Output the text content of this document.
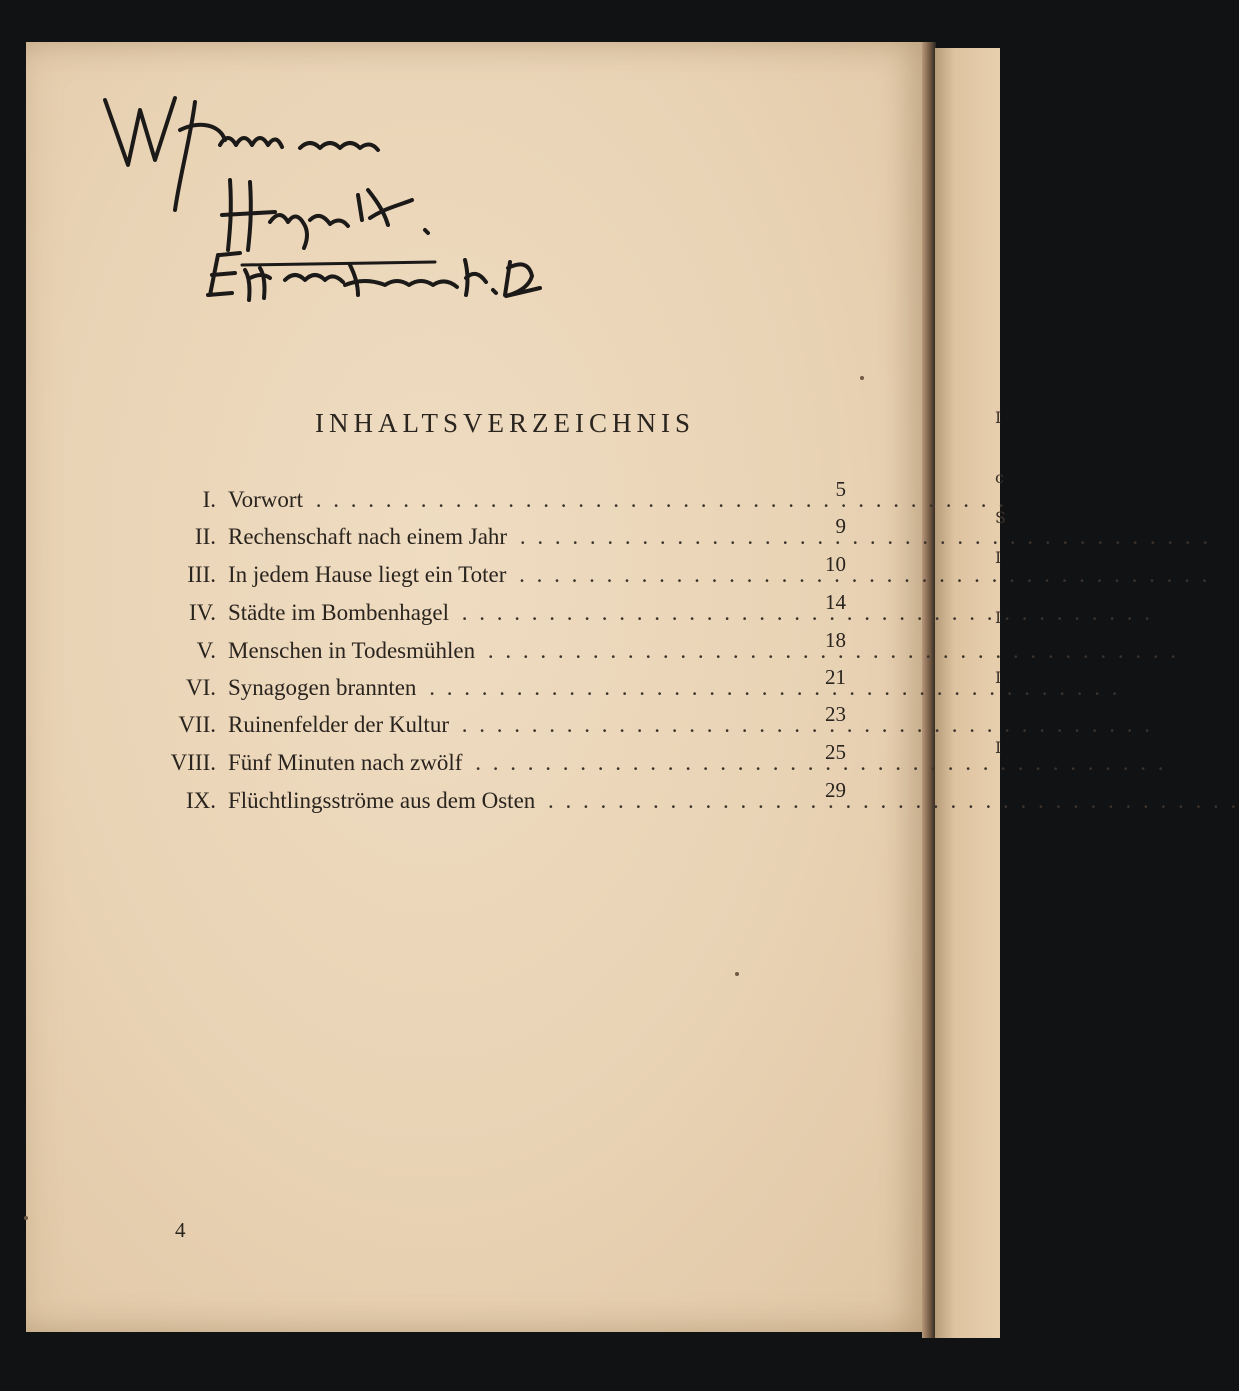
I
c
S
I
I
I
I
INHALTSVERZEICHNIS
I. Vorwort . . .	5
II. Rechenschaft nach einem Jahr . . .	9
III. In jedem Hause liegt ein Toter . . .	10
IV. Städte im Bombenhagel . . .	14
V. Menschen in Todesmühlen . . .	18
VI. Synagogen brannten . . .	21
VII. Ruinenfelder der Kultur . . .	23
VIII. Fünf Minuten nach zwölf . . .	25
IX. Flüchtlingsströme aus dem Osten . . .	29
4
